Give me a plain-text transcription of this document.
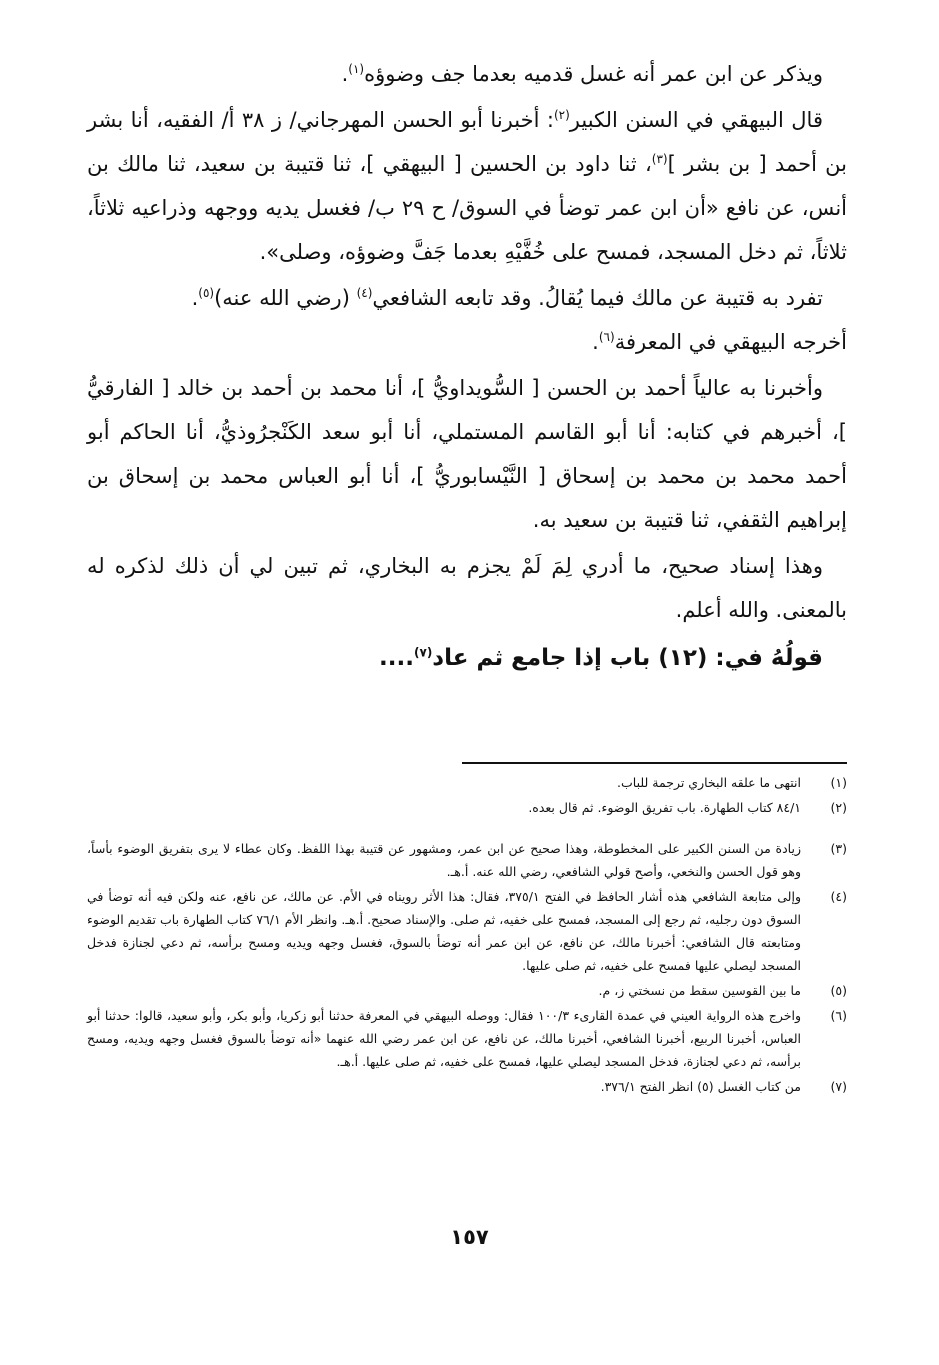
ويذكر عن ابن عمر أنه غسل قدميه بعدما جف وضوؤه$^{(١)}$.

قال البيهقي في السنن الكبير$^{(٢)}$: أخبرنا أبو الحسن المهرجاني/ ز ٣٨ أ/ الفقيه، أنا بشر بن أحمد [ بن بشر ]$^{(٣)}$، ثنا داود بن الحسين [ البيهقي ]، ثنا قتيبة بن سعيد، ثنا مالك بن أنس، عن نافع «أن ابن عمر توضأ في السوق/ ح ٢٩ ب/ فغسل يديه ووجهه وذراعيه ثلاثاً، ثلاثاً، ثم دخل المسجد، فمسح على خُفَّيْهِ بعدما جَفَّ وضوؤه، وصلى».

تفرد به قتيبة عن مالك فيما يُقالُ. وقد تابعه الشافعي$^{(٤)}$ (رضي الله عنه)$^{(٥)}$.

أخرجه البيهقي في المعرفة$^{(٦)}$.

وأخبرنا به عالياً أحمد بن الحسن [ السُّويداويُّ ]، أنا محمد بن أحمد بن خالد [ الفارقيُّ ]، أخبرهم في كتابه: أنا أبو القاسم المستملي، أنا أبو سعد الكَنْجرُوذيُّ، أنا الحاكم أبو أحمد محمد بن محمد بن إسحاق [ النَّيْسابوريُّ ]، أنا أبو العباس محمد بن إسحاق بن إبراهيم الثقفي، ثنا قتيبة بن سعيد به.

وهذا إسناد صحيح، ما أدري لِمَ لَمْ يجزم به البخاري، ثم تبين لي أن ذلك لذكره له بالمعنى. والله أعلم.

قولُهُ في: (١٢) باب إذا جامع ثم عاد$^{(٧)}$....

(١)
انتهى ما علقه البخاري ترجمة للباب.
(٢)
٨٤/١ كتاب الطهارة. باب تفريق الوضوء. ثم قال بعده.
(٣)
زيادة من السنن الكبير على المخطوطة، وهذا صحيح عن ابن عمر، ومشهور عن قتيبة بهذا اللفظ. وكان عطاء لا يرى بتفريق الوضوء بأساً، وهو قول الحسن والنخعي، وأصح قولي الشافعي، رضي الله عنه. أ.هـ.
(٤)
وإلى متابعة الشافعي هذه أشار الحافظ في الفتح ٣٧٥/١، فقال: هذا الأثر رويناه في الأم. عن مالك، عن نافع، عنه ولكن فيه أنه توضأ في السوق دون رجليه، ثم رجع إلى المسجد، فمسح على خفيه، ثم صلى. والإسناد صحيح. أ.هـ. وانظر الأم ٧٦/١ كتاب الطهارة باب تقديم الوضوء ومتابعته قال الشافعي: أخبرنا مالك، عن نافع، عن ابن عمر أنه توضأ بالسوق، فغسل وجهه ويديه ومسح برأسه، ثم دعي لجنازة فدخل المسجد ليصلي عليها فمسح على خفيه، ثم صلى عليها.
(٥)
ما بين القوسين سقط من نسختي ز، م.
(٦)
واخرج هذه الرواية العيني في عمدة القارىء ١٠٠/٣ فقال: ووصله البيهقي في المعرفة حدثنا أبو زكريا، وأبو بكر، وأبو سعيد، قالوا: حدثنا أبو العباس، أخبرنا الربيع، أخبرنا الشافعي، أخبرنا مالك، عن نافع، عن ابن عمر رضي الله عنهما «أنه توضأ بالسوق فغسل وجهه ويديه، ومسح برأسه، ثم دعي لجنازة، فدخل المسجد ليصلي عليها، فمسح على خفيه، ثم صلى عليها. أ.هـ.
(٧)
من كتاب الغسل (٥) انظر الفتح ٣٧٦/١.
١٥٧
